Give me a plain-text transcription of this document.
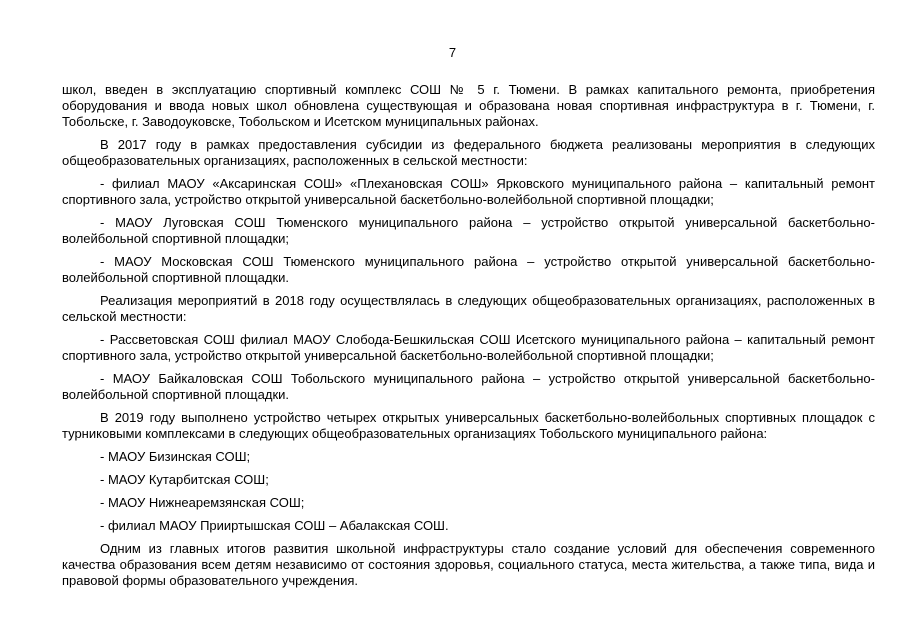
7

школ, введен в эксплуатацию спортивный комплекс СОШ № 5 г. Тюмени. В рамках капитального ремонта, приобретения оборудования и ввода новых школ обновлена существующая и образована новая спортивная инфраструктура в г. Тюмени, г. Тобольске, г. Заводоуковске, Тобольском и Исетском муниципальных районах.

В 2017 году в рамках предоставления субсидии из федерального бюджета реализованы мероприятия в следующих общеобразовательных организациях, расположенных в сельской местности:

- филиал МАОУ «Аксаринская СОШ» «Плехановская СОШ» Ярковского муниципального района – капитальный ремонт спортивного зала, устройство открытой универсальной баскетбольно-волейбольной спортивной площадки;

- МАОУ Луговская СОШ Тюменского муниципального района – устройство открытой универсальной баскетбольно-волейбольной спортивной площадки;

- МАОУ Московская СОШ Тюменского муниципального района – устройство открытой универсальной баскетбольно-волейбольной спортивной площадки.

Реализация мероприятий в 2018 году осуществлялась в следующих общеобразовательных организациях, расположенных в сельской местности:

- Рассветовская СОШ филиал МАОУ Слобода-Бешкильская СОШ Исетского муниципального района – капитальный ремонт спортивного зала, устройство открытой универсальной баскетбольно-волейбольной спортивной площадки;

- МАОУ Байкаловская СОШ Тобольского муниципального района – устройство открытой универсальной баскетбольно-волейбольной спортивной площадки.

В 2019 году выполнено устройство четырех открытых универсальных баскетбольно-волейбольных спортивных площадок с турниковыми комплексами в следующих общеобразовательных организациях Тобольского муниципального района:

- МАОУ Бизинская СОШ;

- МАОУ Кутарбитская СОШ;

- МАОУ Нижнеаремзянская СОШ;

- филиал МАОУ Прииртышская СОШ – Абалакская СОШ.

Одним из главных итогов развития школьной инфраструктуры стало создание условий для обеспечения современного качества образования всем детям независимо от состояния здоровья, социального статуса, места жительства, а также типа, вида и правовой формы образовательного учреждения.
